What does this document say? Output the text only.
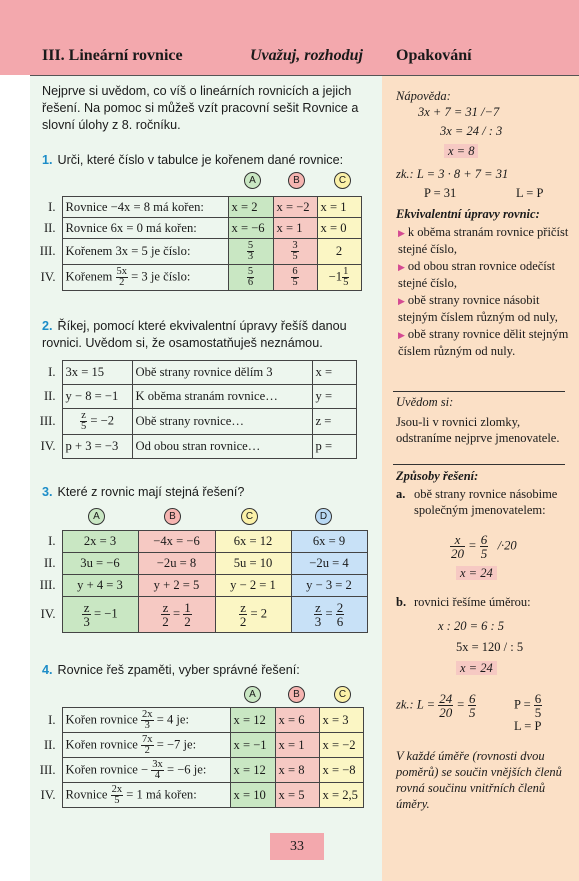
III. Lineární rovnice	Uvažuj, rozhoduj Opakování
Nejprve si uvědom, co víš o lineárních rovnicích a jejich řešení. Na pomoc si můžeš vzít pracovní sešit Rovnice a slovní úlohy z 8. ročníku.
1. Urči, které číslo v tabulce je kořenem dané rovnice:
A	B	C
I.	Rovnice −4x = 8 má kořen:	x = 2	x = −2	x = 1
II.	Rovnice 6x = 0 má kořen:	x = −6	x = 1	x = 0
III.	Kořenem 3x = 5 je číslo:	$\frac{5}{3}$	$\frac{3}{5}$	2
IV.	Kořenem $\frac{5x}{2} = 3$ je číslo:	$\frac{5}{6}$	$\frac{6}{5}$	$-1 \frac{1}{5}$
2. Říkej, pomocí které ekvivalentní úpravy řešíš danou rovnici. Uvědom si, že osamostatňuješ neznámou.
I.	3x = 15	Obě strany rovnice dělím 3	x =
II.	y − 8 = −1	K oběma stranám rovnice…	y =
III.	$\frac{z}{5} = -2$	Obě strany rovnice…	z =
IV.	p + 3 = −3	Od obou stran rovnice…	p =
3. Které z rovnic mají stejná řešení?
A	B	C	D
I.	2x = 3	−4x = −6	6x = 12	6x = 9
II.	3u = −6	−2u = 8	5u = 10	−2u = 4
III.	y + 4 = 3	y + 2 = 5	y − 2 = 1	y − 3 = 2
IV.	$\frac{z}{3} = -1$	$\frac{z}{2} = \frac{1}{2}$	$\frac{z}{2} = 2$	$\frac{z}{3} = \frac{2}{6}$
4. Rovnice řeš zpaměti, vyber správné řešení:
A	B	C
I.	Kořen rovnice $\frac{2x}{3} = 4$ je:	x = 12	x = 6	x = 3
II.	Kořen rovnice $\frac{7x}{2} = -7$ je:	x = −1	x = 1	x = −2
III.	Kořen rovnice − $\frac{3x}{4} = -6$ je:	x = 12	x = 8	x = −8
IV.	Rovnice $\frac{2x}{5} = 1$ má kořen:	x = 10	x = 5	x = 2,5
33
Nápověda:
3x + 7 = 31 /−7
3x = 24 / : 3
x = 8
zk.: L = 3 · 8 + 7 = 31
P = 31	L = P
Ekvivalentní úpravy rovnic:
▶ k oběma stranám rovnice přičíst stejné číslo,
▶ od obou stran rovnice odečíst stejné číslo,
▶ obě strany rovnice násobit stejným číslem různým od nuly,
▶ obě strany rovnice dělit stejným číslem různým od nuly.
Uvědom si:
Jsou-li v rovnici zlomky, odstraníme nejprve jmenovatele.
Způsoby řešení:
a. obě strany rovnice násobime společným jmenovatelem:
$\frac{x}{20} = \frac{6}{5} /\cdot 20$
x = 24
b. rovnici řešíme úměrou:
x : 20 = 6 : 5
5x = 120 / : 5
x = 24
zk.: $L = \frac{24}{20} = \frac{6}{5}$	$P = \frac{6}{5}$
L = P
V každé úměře (rovnosti dvou poměrů) se součin vnějších členů rovná součinu vnitřních členů úměry.
